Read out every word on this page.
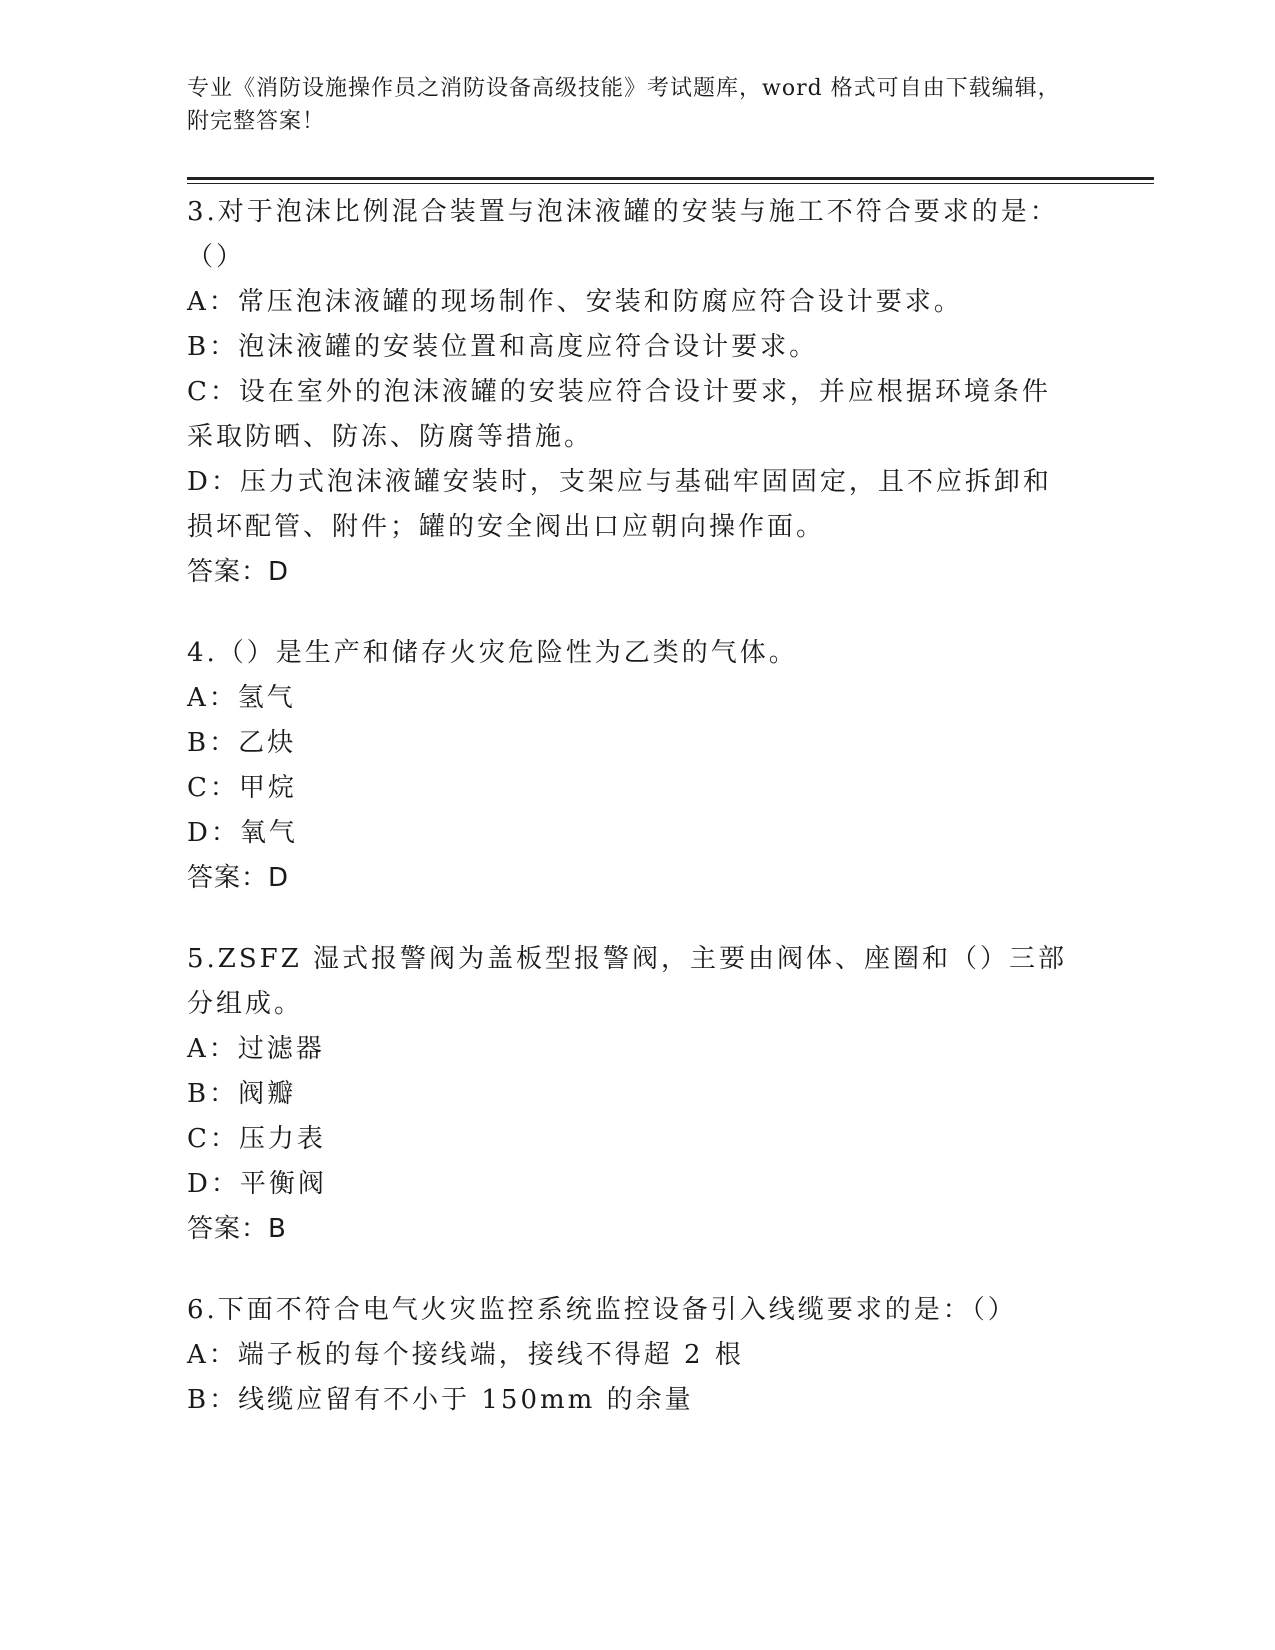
专业《消防设施操作员之消防设备高级技能》考试题库，word 格式可自由下载编辑，附完整答案！

3.对于泡沫比例混合装置与泡沫液罐的安装与施工不符合要求的是：（）

A：常压泡沫液罐的现场制作、安装和防腐应符合设计要求。

B：泡沫液罐的安装位置和高度应符合设计要求。

C：设在室外的泡沫液罐的安装应符合设计要求，并应根据环境条件采取防晒、防冻、防腐等措施。

D：压力式泡沫液罐安装时，支架应与基础牢固固定，且不应拆卸和损坏配管、附件；罐的安全阀出口应朝向操作面。

答案：D

4.（）是生产和储存火灾危险性为乙类的气体。

A：氢气

B：乙炔

C：甲烷

D：氧气

答案：D

5.ZSFZ 湿式报警阀为盖板型报警阀，主要由阀体、座圈和（）三部分组成。

A：过滤器

B：阀瓣

C：压力表

D：平衡阀

答案：B

6.下面不符合电气火灾监控系统监控设备引入线缆要求的是：（）

A：端子板的每个接线端，接线不得超 2 根

B：线缆应留有不小于 150mm 的余量
